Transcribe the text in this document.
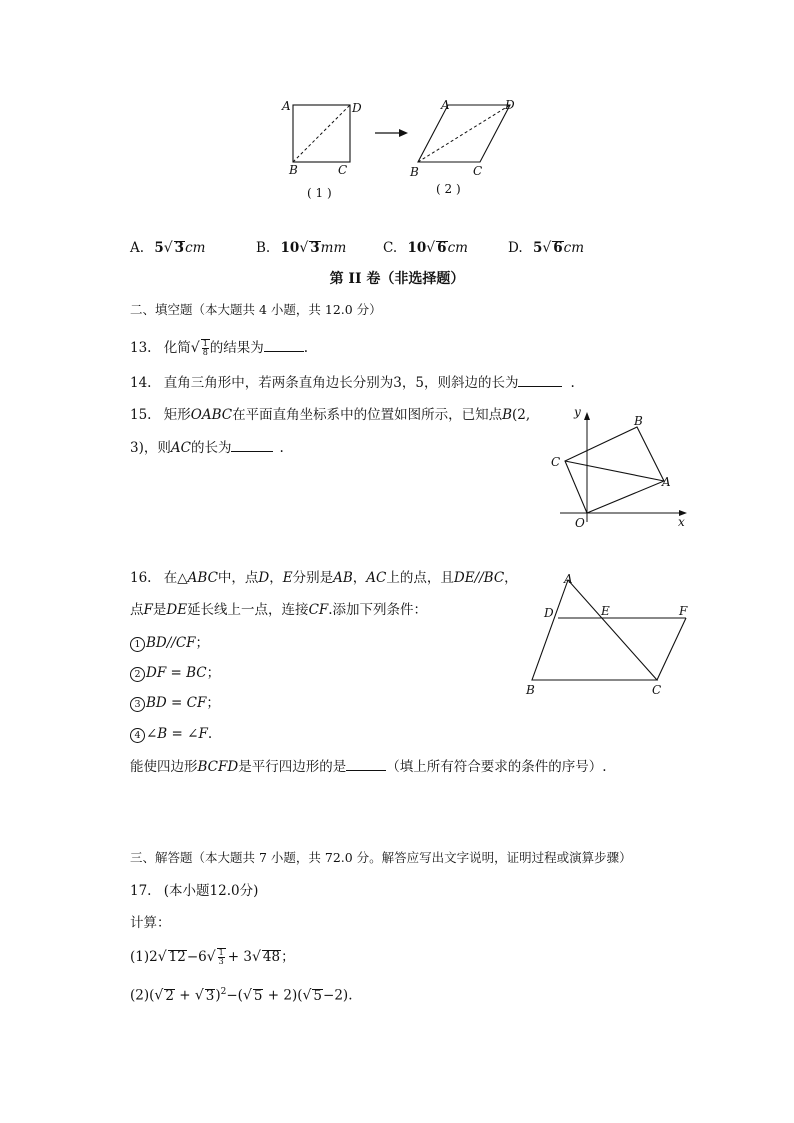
A	D
B	C
( 1 )
A	D
B	C
( 2 )
A. 5√ 3cm	B. 10√ 3mm	C. 10√ 6cm	D. 5√ 6cm
第 II 卷（非选择题）
二、填空题（本大题共 4 小题，共 12.0 分）
13. 化简√ $\frac{1}{8}$ 的结果为	.
14. 直角三角形中，若两条直角边长分别为3，5，则斜边的长为	.
15. 矩形OABC在平面直角坐标系中的位置如图所示，已知点B(2,
3)，则AC的长为	.
x
y
O
A
B
C
16. 在△ABC中，点D，E分别是AB，AC上的点，且DE//BC，
点F是DE延长线上一点，连接CF.添加下列条件：
1 BD//CF；
2 DF = BC；
3 BD = CF；
4 ∠B = ∠F.
能使四边形BCFD是平行四边形的是	（填上所有符合要求的条件的序号）.
A
D	E	F
B	C
三、解答题（本大题共 7 小题，共 72.0 分。解答应写出文字说明，证明过程或演算步骤）
17. (本小题12.0分)
计算：
(1)2√ $12-6√ \frac{1}{3} + 3√$ 48；
(2)(√ 2 + √ 3)$^2$−(√ 5 + 2)(√ 5−2).
